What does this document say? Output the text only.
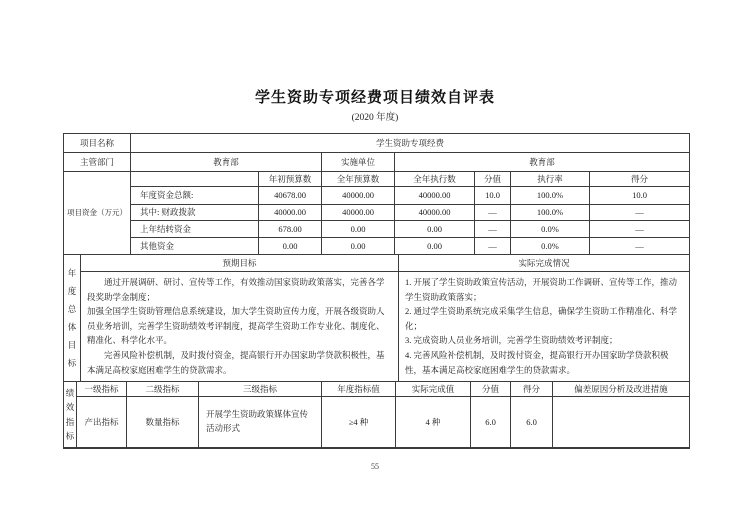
学生资助专项经费项目绩效自评表
(2020 年度)
项目名称	学生资助专项经费						
主管部门	教育部		实施单位	教育部			
项目资金（万元）		年初预算数	全年预算数	全年执行数	分值	执行率	得分
	年度资金总额:	40678.00	40000.00	40000.00	10.0	100.0%	10.0
	其中: 财政拨款	40000.00	40000.00	40000.00	—	100.0%	—
	上年结转资金	678.00	0.00	0.00	—	0.0%	—
	其他资金	0.00	0.00	0.00	—	0.0%	—
年度总体目标	预期目标	实际完成情况

通过开展调研、研讨、宣传等工作，有效推动国家资助政策落实，完善各学段奖助学金制度；
加强全国学生资助管理信息系统建设，加大学生资助宣传力度，开展各级资助人员业务培训，完善学生资助绩效考评制度，提高学生资助工作专业化、制度化、精准化、科学化水平。
完善风险补偿机制，及时拨付资金，提高银行开办国家助学贷款积极性，基本满足高校家庭困难学生的贷款需求。

1. 开展了学生资助政策宣传活动，开展资助工作调研、宣传等工作，推动学生资助政策落实；
2. 通过学生资助系统完成采集学生信息，确保学生资助工作精准化、科学化；
3. 完成资助人员业务培训，完善学生资助绩效考评制度；
4. 完善风险补偿机制，及时拨付资金，提高银行开办国家助学贷款积极性，基本满足高校家庭困难学生的贷款需求。
绩效指标	一级指标	二级指标	三级指标	年度指标值	实际完成值	分值	得分	偏差原因分析及改进措施
	产出指标	数量指标	开展学生资助政策媒体宣传活动形式	≥4 种	4 种	6.0	6.0	
55
